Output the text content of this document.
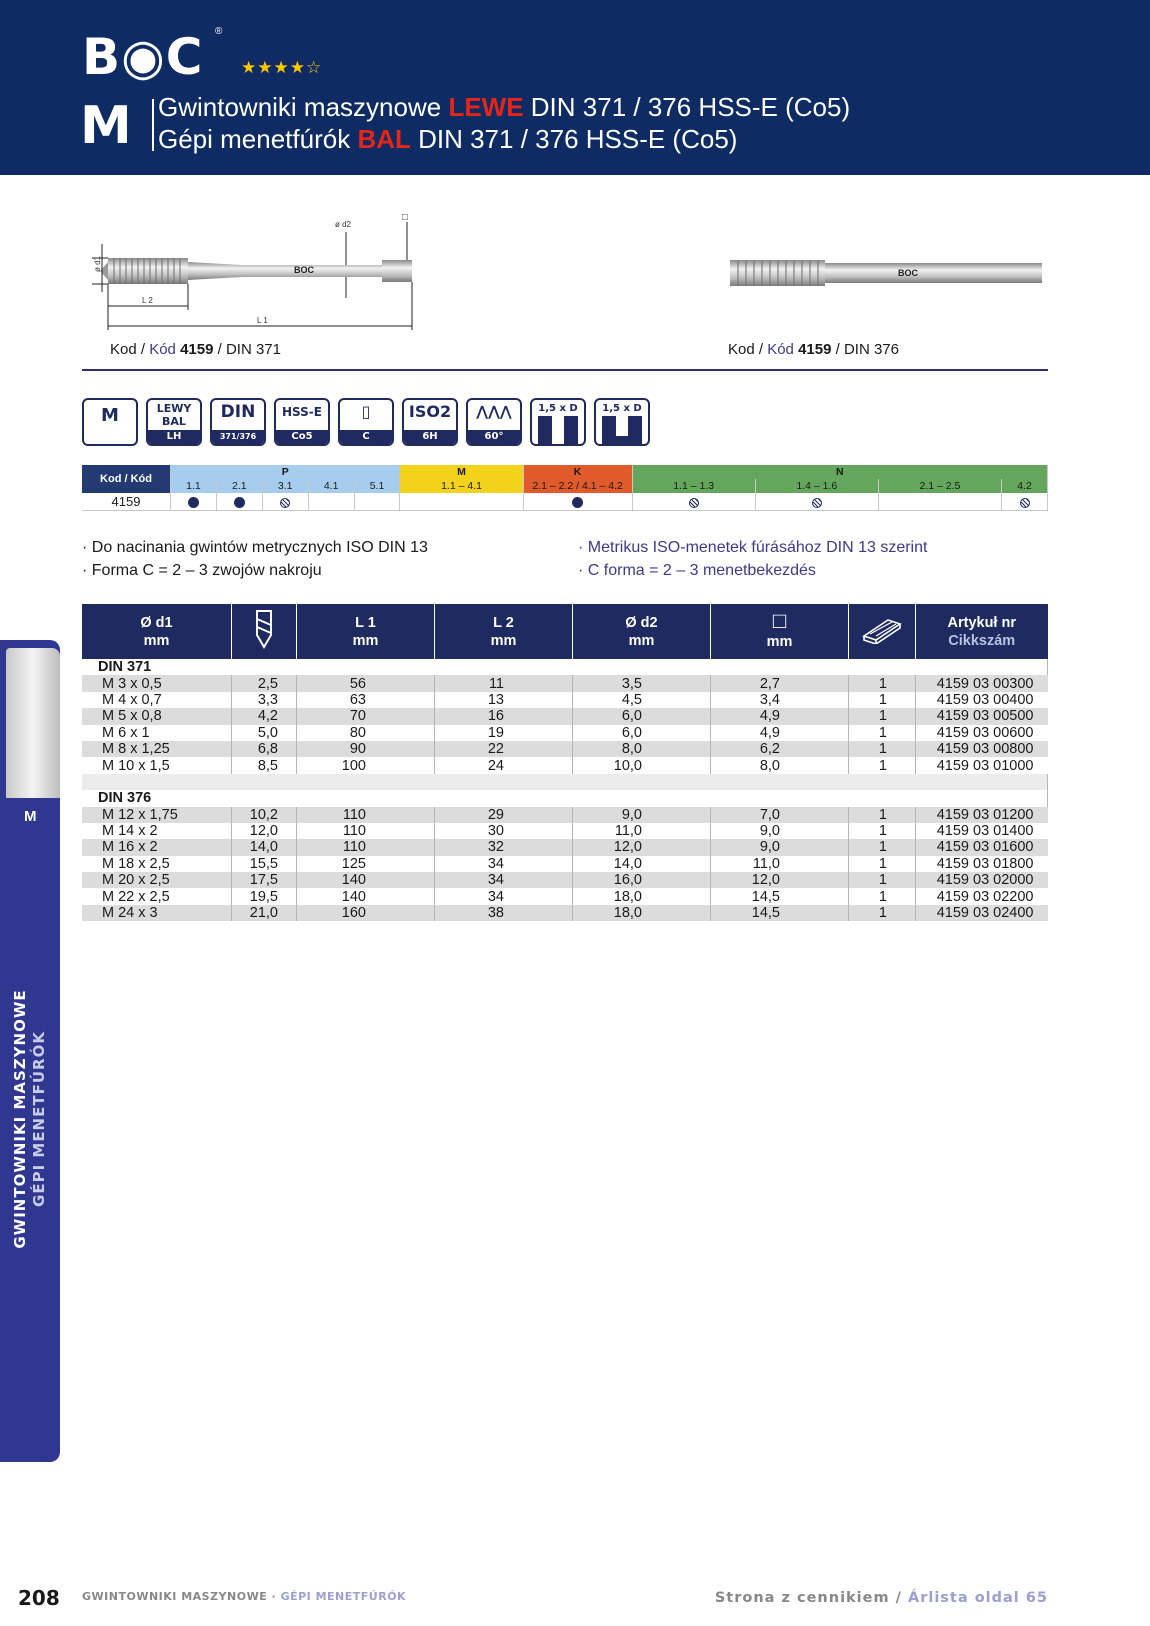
B◉C ®
★★★★☆
M Gwintowniki maszynowe LEWE DIN 371 / 376 HSS-E (Co5)
Gépi menetfúrók BAL DIN 371 / 376 HSS-E (Co5)
BOC
ø d1
L 2
L 1
ø d2
□
BOC
Kod / Kód 4159 / DIN 371	Kod / Kód 4159 / DIN 376
M	LEWY BAL
LH
DIN
371/376
HSS-E
Co5
▯
C
ISO2
6H
⋀⋀⋀
60°
1,5 x D	1,5 x D
Kod / Kód	P					M	K	N			
	1.1	2.1	3.1	4.1	5.1	1.1 – 4.1	2.1 – 2.2 / 4.1 – 4.2	1.1 – 1.3	1.4 – 1.6	2.1 – 2.5	4.2
4159											
· Do nacinania gwintów metrycznych ISO DIN 13
· Forma C = 2 – 3 zwojów nakroju
· Metrikus ISO-menetek fúrásához DIN 13 szerint
· C forma = 2 – 3 menetbekezdés
Ø d1
mm		L 1
mm	L 2
mm	Ø d2
mm	□
mm		Artykuł nr
Cikkszám
DIN 371							
M 3 x 0,5	2,5	56	11	3,5	2,7	1	4159 03 00300
M 4 x 0,7	3,3	63	13	4,5	3,4	1	4159 03 00400
M 5 x 0,8	4,2	70	16	6,0	4,9	1	4159 03 00500
M 6 x 1	5,0	80	19	6,0	4,9	1	4159 03 00600
M 8 x 1,25	6,8	90	22	8,0	6,2	1	4159 03 00800
M 10 x 1,5	8,5	100	24	10,0	8,0	1	4159 03 01000

DIN 376							
M 12 x 1,75	10,2	110	29	9,0	7,0	1	4159 03 01200
M 14 x 2	12,0	110	30	11,0	9,0	1	4159 03 01400
M 16 x 2	14,0	110	32	12,0	9,0	1	4159 03 01600
M 18 x 2,5	15,5	125	34	14,0	11,0	1	4159 03 01800
M 20 x 2,5	17,5	140	34	16,0	12,0	1	4159 03 02000
M 22 x 2,5	19,5	140	34	18,0	14,5	1	4159 03 02200
M 24 x 3	21,0	160	38	18,0	14,5	1	4159 03 02400
M
GWINTOWNIKI MASZYNOWE GÉPI MENETFÚRÓK
208 GWINTOWNIKI MASZYNOWE · GÉPI MENETFÚRÓK	Strona z cennikiem / Árlista oldal 65
